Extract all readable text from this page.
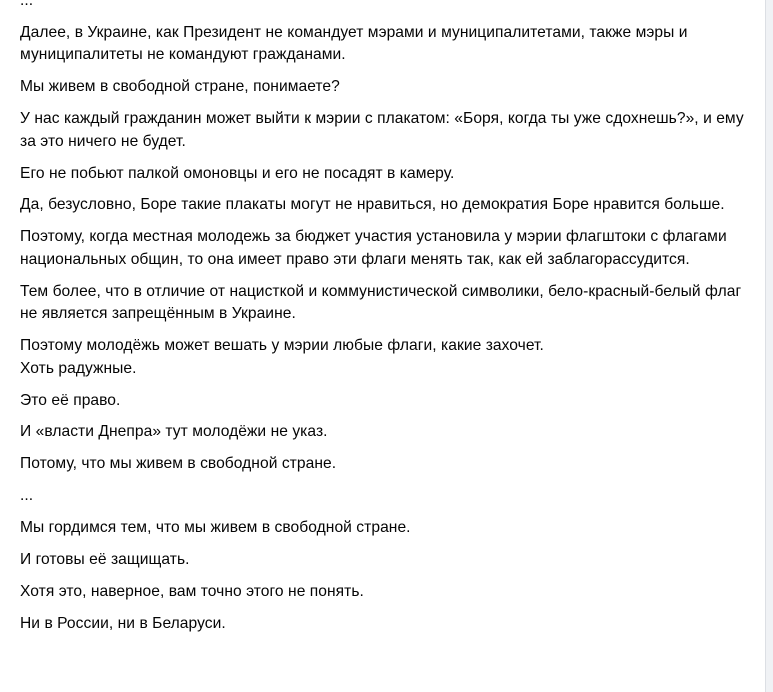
...

Далее, в Украине, как Президент не командует мэрами и муниципалитетами, также мэры и муниципалитеты не командуют гражданами.

Мы живем в свободной стране, понимаете?

У нас каждый гражданин может выйти к мэрии с плакатом: «Боря, когда ты уже сдохнешь?», и ему за это ничего не будет.

Его не побьют палкой омоновцы и его не посадят в камеру.

Да, безусловно, Боре такие плакаты могут не нравиться, но демократия Боре нравится больше.

Поэтому, когда местная молодежь за бюджет участия установила у мэрии флагштоки с флагами национальных общин, то она имеет право эти флаги менять так, как ей заблагорассудится.

Тем более, что в отличие от нацисткой и коммунистической символики, бело-красный-белый флаг не является запрещённым в Украине.

Поэтому молодёжь может вешать у мэрии любые флаги, какие захочет.
Хоть радужные.

Это её право.

И «власти Днепра» тут молодёжи не указ.

Потому, что мы живем в свободной стране.

...

Мы гордимся тем, что мы живем в свободной стране.

И готовы её защищать.

Хотя это, наверное, вам точно этого не понять.

Ни в России, ни в Беларуси.
